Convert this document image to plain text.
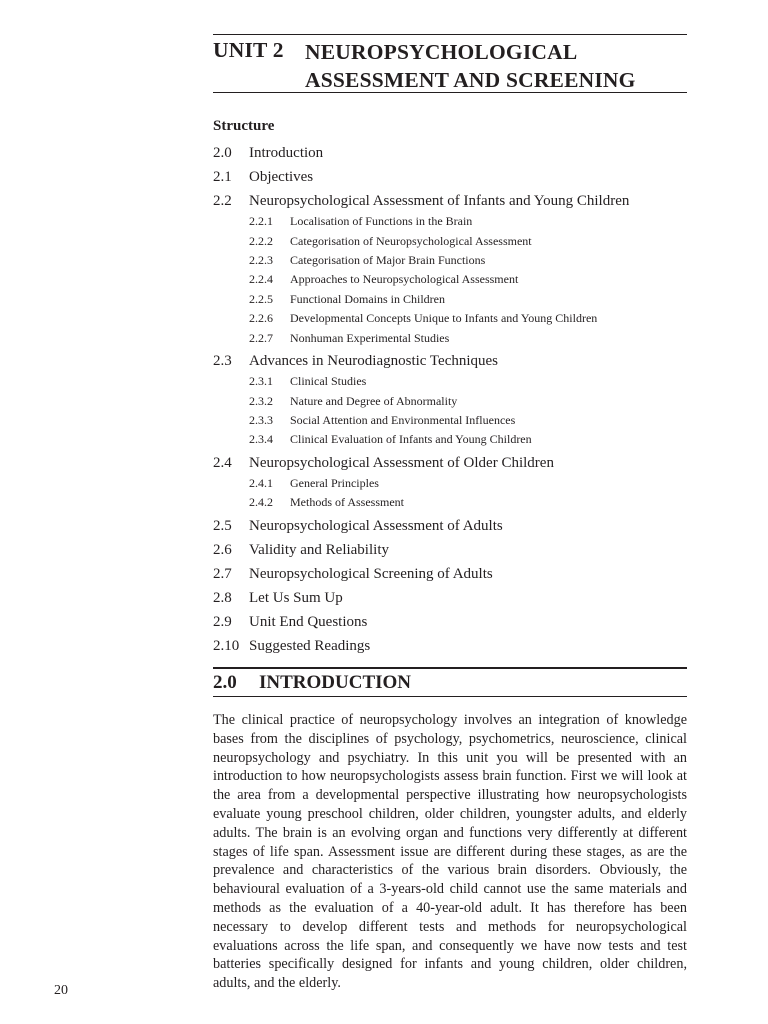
UNIT 2 NEUROPSYCHOLOGICAL
ASSESSMENT AND SCREENING
Structure
2.0 Introduction
2.1 Objectives
2.2 Neuropsychological Assessment of Infants and Young Children
2.2.1 Localisation of Functions in the Brain
2.2.2 Categorisation of Neuropsychological Assessment
2.2.3 Categorisation of Major Brain Functions
2.2.4 Approaches to Neuropsychological Assessment
2.2.5 Functional Domains in Children
2.2.6 Developmental Concepts Unique to Infants and Young Children
2.2.7 Nonhuman Experimental Studies
2.3 Advances in Neurodiagnostic Techniques
2.3.1 Clinical Studies
2.3.2 Nature and Degree of Abnormality
2.3.3 Social Attention and Environmental Influences
2.3.4 Clinical Evaluation of Infants and Young Children
2.4 Neuropsychological Assessment of Older Children
2.4.1 General Principles
2.4.2 Methods of Assessment
2.5 Neuropsychological Assessment of Adults
2.6 Validity and Reliability
2.7 Neuropsychological Screening of Adults
2.8 Let Us Sum Up
2.9 Unit End Questions
2.10 Suggested Readings
2.0 INTRODUCTION

The clinical practice of neuropsychology involves an integration of knowledge bases from the disciplines of psychology, psychometrics, neuroscience, clinical neuropsychology and psychiatry. In this unit you will be presented with an introduction to how neuropsychologists assess brain function. First we will look at the area from a developmental perspective illustrating how neuropsychologists evaluate young preschool children, older children, youngster adults, and elderly adults. The brain is an evolving organ and functions very differently at different stages of life span. Assessment issue are different during these stages, as are the prevalence and characteristics of the various brain disorders. Obviously, the behavioural evaluation of a 3-years-old child cannot use the same materials and methods as the evaluation of a 40-year-old adult. It has therefore has been necessary to develop different tests and methods for neuropsychological evaluations across the life span, and consequently we have now tests and test batteries specifically designed for infants and young children, older children, adults, and the elderly.

20
